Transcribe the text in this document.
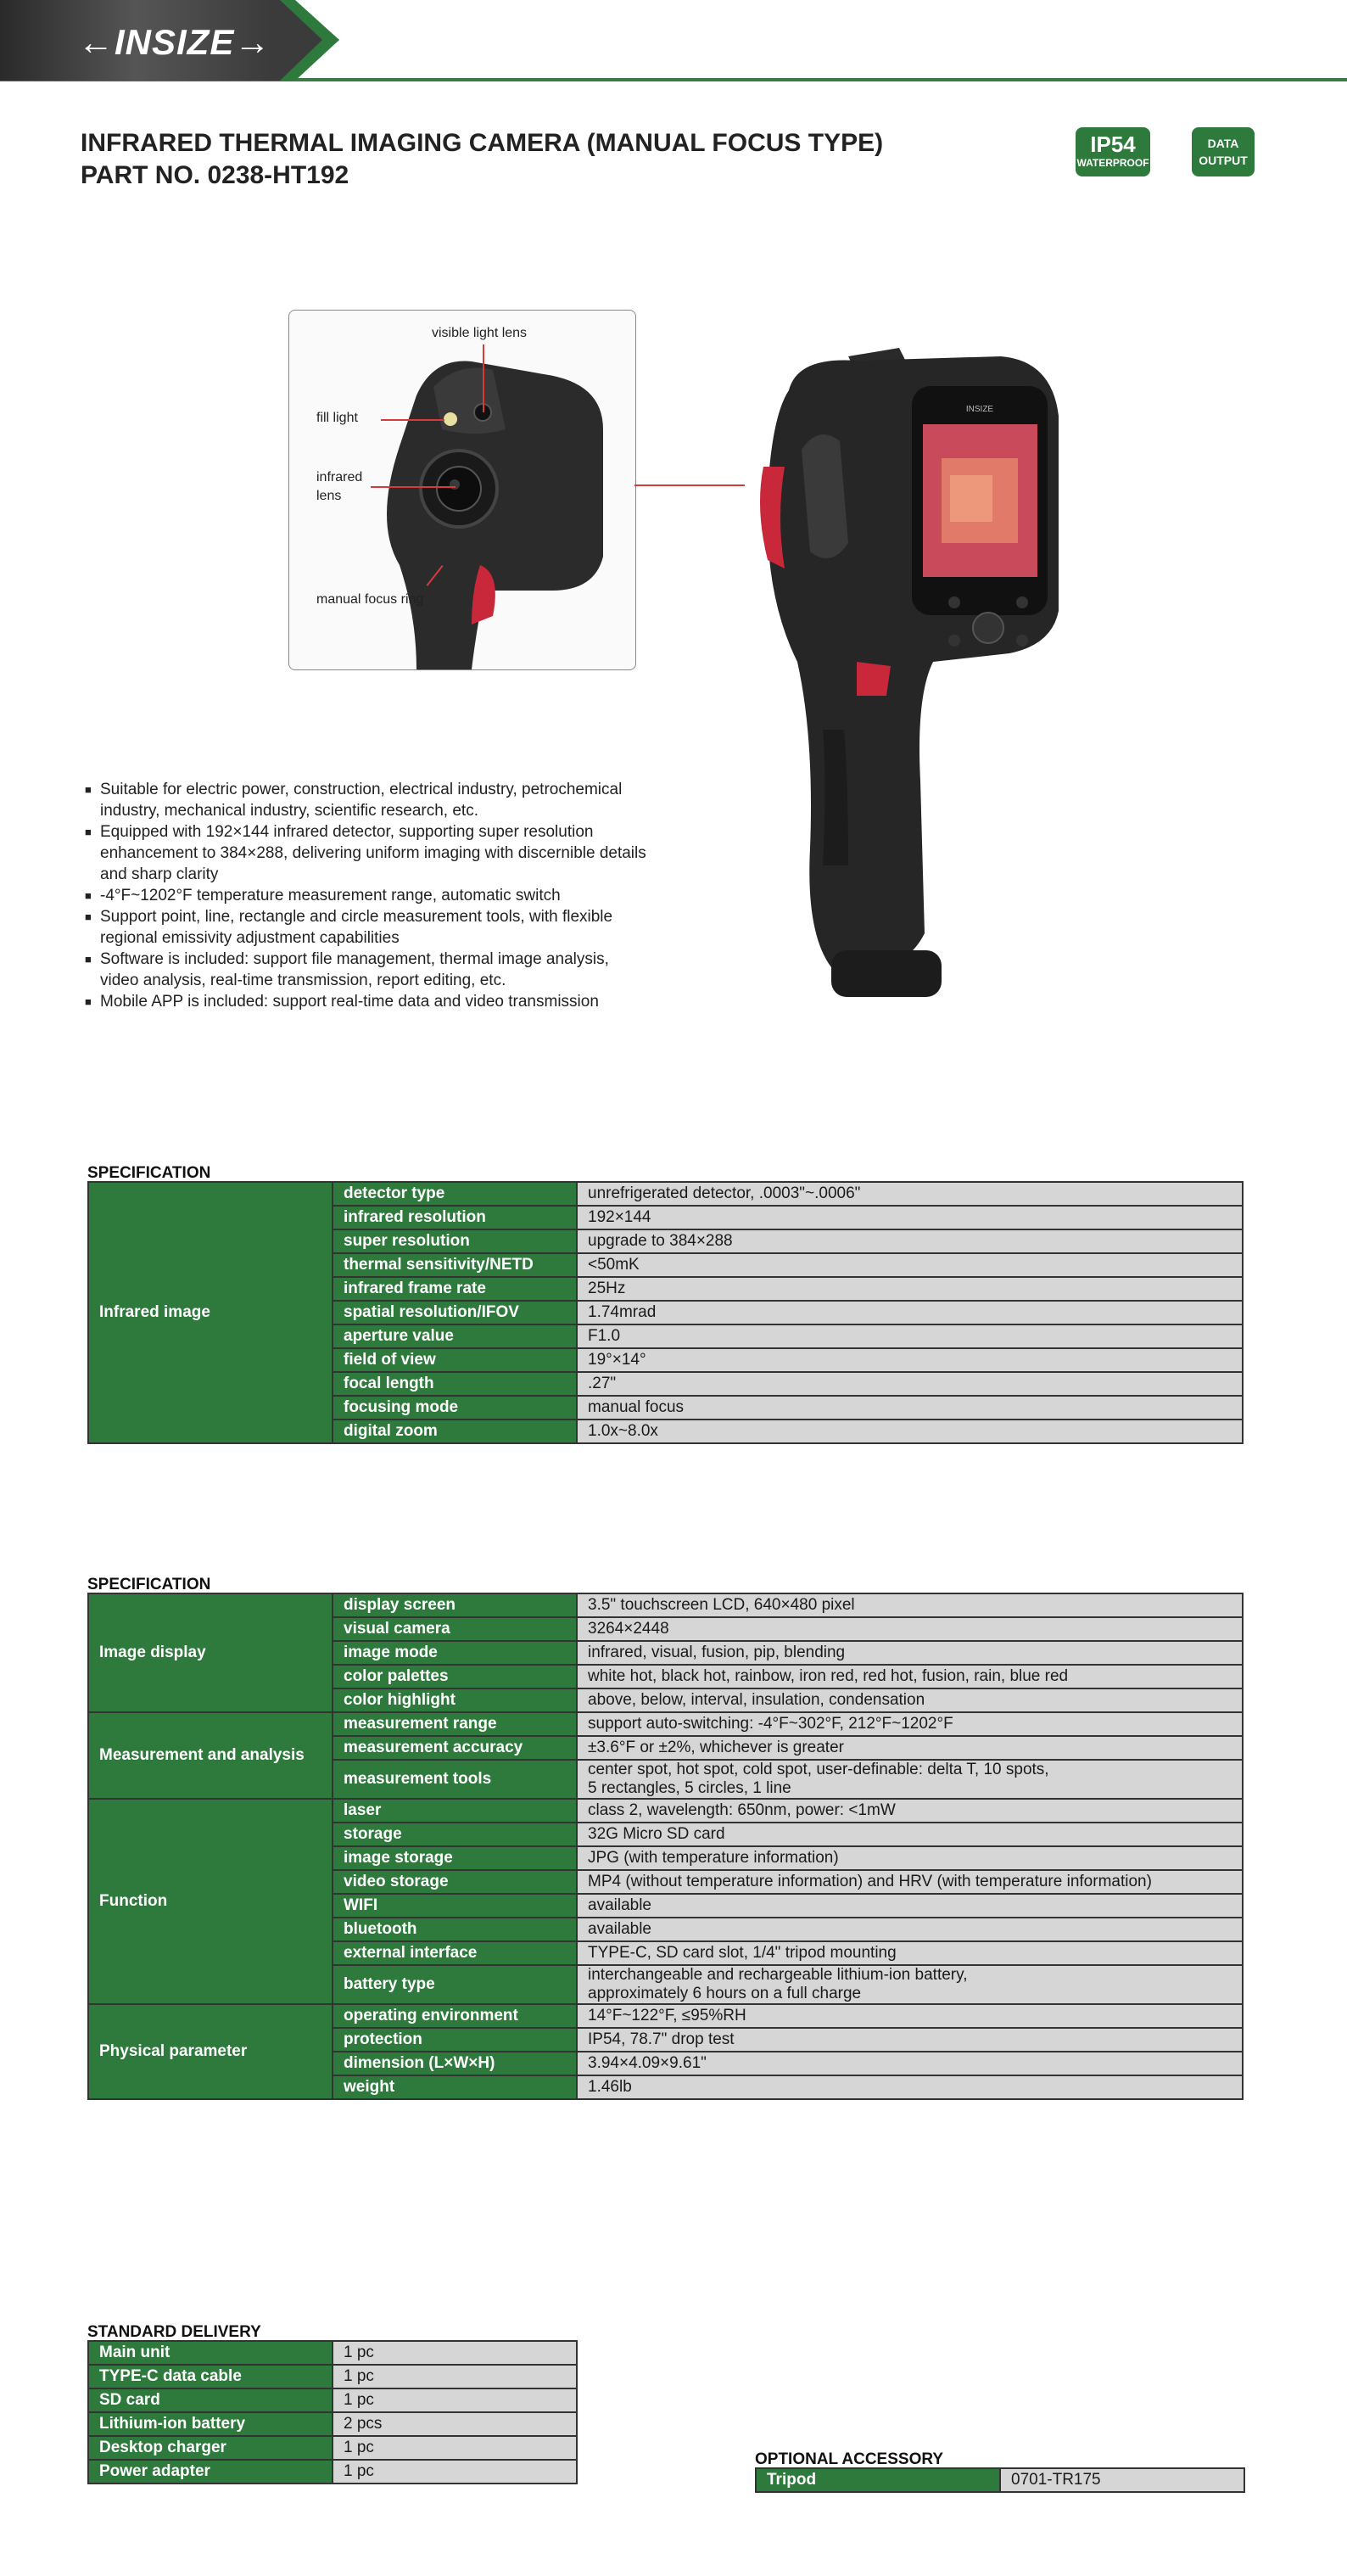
←INSIZE→
INFRARED THERMAL IMAGING CAMERA (MANUAL FOCUS TYPE)
PART NO. 0238-HT192
IP54
WATERPROOF
DATA
OUTPUT
visible light lens
fill light
infrared
lens
manual focus ring
INSIZE
■ Suitable for electric power, construction, electrical industry, petrochemical
industry, mechanical industry, scientific research, etc.
■ Equipped with 192×144 infrared detector, supporting super resolution
enhancement to 384×288, delivering uniform imaging with discernible details
and sharp clarity
■ -4°F~1202°F temperature measurement range, automatic switch
■ Support point, line, rectangle and circle measurement tools, with flexible
regional emissivity adjustment capabilities
■ Software is included: support file management, thermal image analysis,
video analysis, real-time transmission, report editing, etc.
■ Mobile APP is included: support real-time data and video transmission
SPECIFICATION
Infrared image	detector type	unrefrigerated detector, .0003"~.0006"
	infrared resolution	192×144
	super resolution	upgrade to 384×288
	thermal sensitivity/NETD	<50mK
	infrared frame rate	25Hz
	spatial resolution/IFOV	1.74mrad
	aperture value	F1.0
	field of view	19°×14°
	focal length	.27"
	focusing mode	manual focus
	digital zoom	1.0x~8.0x
SPECIFICATION
Image display	display screen	3.5" touchscreen LCD, 640×480 pixel

	visual camera	3264×2448

	image mode	infrared, visual, fusion, pip, blending

	color palettes	white hot, black hot, rainbow, iron red, red hot, fusion, rain, blue red

	color highlight	above, below, interval, insulation, condensation

Measurement and analysis	measurement range	support auto-switching: -4°F~302°F, 212°F~1202°F

	measurement accuracy	±3.6°F or ±2%, whichever is greater

	measurement tools	center spot, hot spot, cold spot, user-definable: delta T, 10 spots,
5 rectangles, 5 circles, 1 line

Function	laser	class 2, wavelength: 650nm, power: <1mW

	storage	32G Micro SD card

	image storage	JPG (with temperature information)

	video storage	MP4 (without temperature information) and HRV (with temperature information)

	WIFI	available

	bluetooth	available

	external interface	TYPE-C, SD card slot, 1/4" tripod mounting

	battery type	interchangeable and rechargeable lithium-ion battery,
approximately 6 hours on a full charge

Physical parameter	operating environment	14°F~122°F, ≤95%RH

	protection	IP54, 78.7" drop test

	dimension (L×W×H)	3.94×4.09×9.61"

	weight	1.46lb
STANDARD DELIVERY
Main unit	1 pc
TYPE-C data cable	1 pc
SD card	1 pc
Lithium-ion battery	2 pcs
Desktop charger	1 pc
Power adapter	1 pc
OPTIONAL ACCESSORY
Tripod	0701-TR175
